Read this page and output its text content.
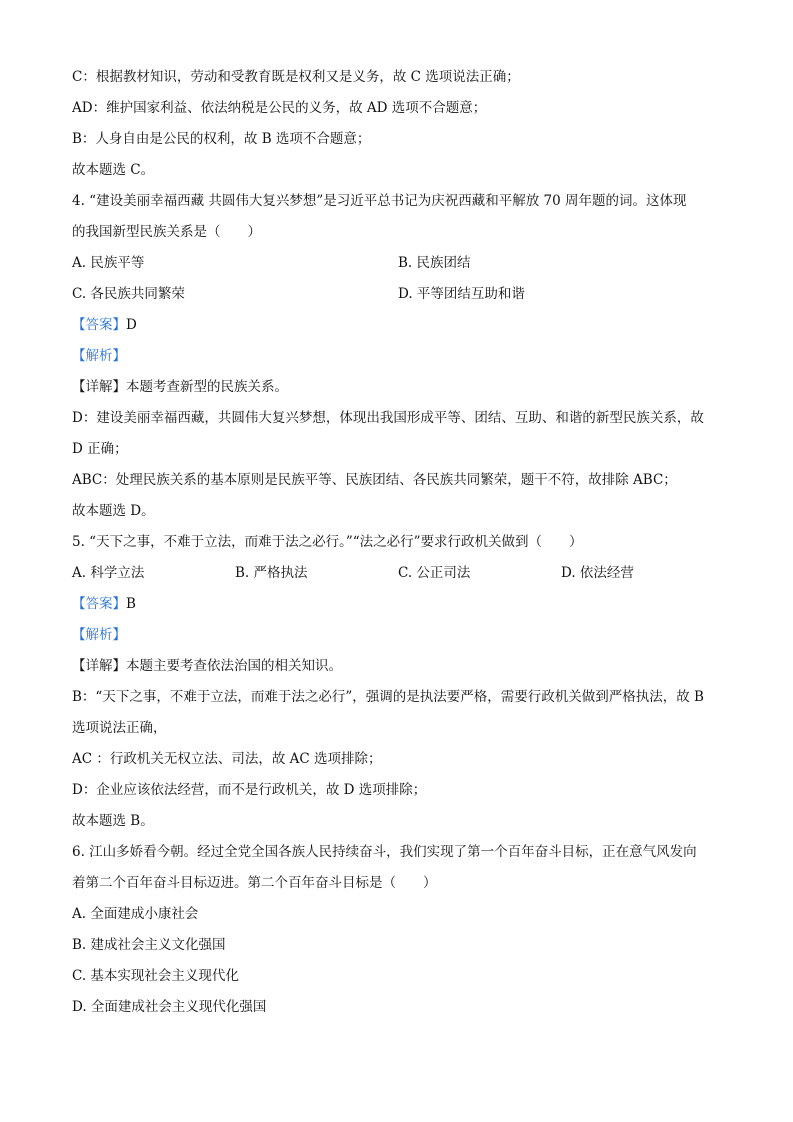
C：根据教材知识，劳动和受教育既是权利又是义务，故 C 选项说法正确；
AD：维护国家利益、依法纳税是公民的义务，故 AD 选项不合题意；
B：人身自由是公民的权利，故 B 选项不合题意；
故本题选 C。
4. “建设美丽幸福西藏 共圆伟大复兴梦想”是习近平总书记为庆祝西藏和平解放 70 周年题的词。这体现
的我国新型民族关系是（　　）
A. 民族平等	B. 民族团结
C. 各民族共同繁荣	D. 平等团结互助和谐
【答案】D
【解析】
【详解】本题考查新型的民族关系。
D：建设美丽幸福西藏，共圆伟大复兴梦想，体现出我国形成平等、团结、互助、和谐的新型民族关系，故
D 正确；
ABC：处理民族关系的基本原则是民族平等、民族团结、各民族共同繁荣，题干不符，故排除 ABC；
故本题选 D。
5. “天下之事，不难于立法，而难于法之必行。”“法之必行”要求行政机关做到（　　）
A. 科学立法	B. 严格执法	C. 公正司法	D. 依法经营
【答案】B
【解析】
【详解】本题主要考查依法治国的相关知识。
B：“天下之事，不难于立法，而难于法之必行”，强调的是执法要严格，需要行政机关做到严格执法，故 B
选项说法正确，
AC ：行政机关无权立法、司法，故 AC 选项排除；
D：企业应该依法经营，而不是行政机关，故 D 选项排除；
故本题选 B。
6. 江山多娇看今朝。经过全党全国各族人民持续奋斗，我们实现了第一个百年奋斗目标，正在意气风发向
着第二个百年奋斗目标迈进。第二个百年奋斗目标是（　　）
A. 全面建成小康社会
B. 建成社会主义文化强国
C. 基本实现社会主义现代化
D. 全面建成社会主义现代化强国
